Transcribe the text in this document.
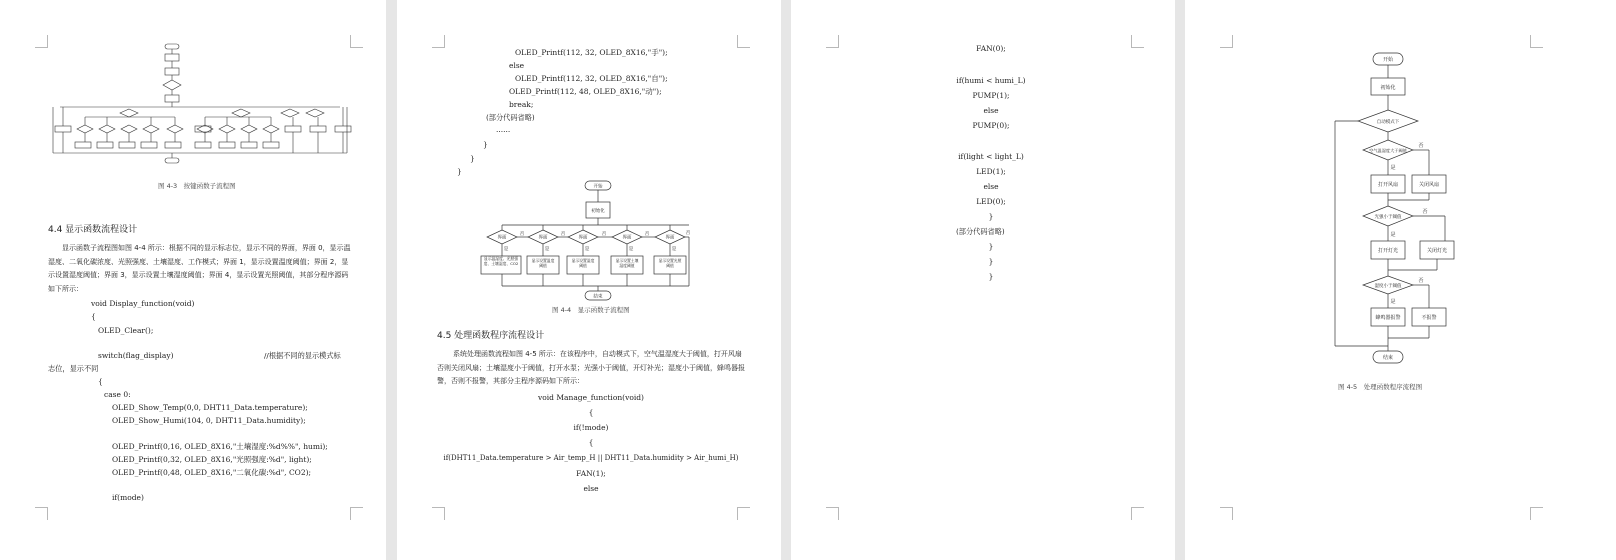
图 4-3　按键函数子流程图
4.4 显示函数流程设计
显示函数子流程图如图 4-4 所示：根据不同的显示标志位，显示不同的界面，界面 0，显示温湿度、二氧化碳浓度、光照强度、土壤湿度、工作模式；界面 1，显示设置温度阈值；界面 2，显示设置湿度阈值；界面 3，显示设置土壤湿度阈值；界面 4，显示设置光照阈值，其部分程序源码如下所示：
void Display_function(void)
{
OLED_Clear();
switch(flag_display)	//根据不同的显示模式标
志位，显示不同
{
case 0:
OLED_Show_Temp(0,0, DHT11_Data.temperature);
OLED_Show_Humi(104, 0, DHT11_Data.humidity);
OLED_Printf(0,16, OLED_8X16,"土壤湿度:%d%%", humi);
OLED_Printf(0,32, OLED_8X16,"光照强度:%d", light);
OLED_Printf(0,48, OLED_8X16,"二氧化碳:%d", CO2);
if(mode)
OLED_Printf(112, 32, OLED_8X16,"手");
else
OLED_Printf(112, 32, OLED_8X16,"自");
OLED_Printf(112, 48, OLED_8X16,"动");
break;
(部分代码省略)
......
}
}
}
开始
初始化
界面	界面	界面	界面	界面
是	是	是	是	是
否	否	否	否	否
结束
显示温湿度、光照强度、土壤湿度、CO2
显示设置温度阈值
显示设置湿度阈值
显示设置土壤湿度阈值
显示设置光照阈值
图 4-4　显示函数子流程图
4.5 处理函数程序流程设计
系统处理函数流程如图 4-5 所示：在该程序中，自动模式下，空气温湿度大于阈值，打开风扇否则关闭风扇；土壤湿度小于阈值，打开水泵；光强小于阈值，开灯补光；湿度小于阈值，蜂鸣器报警，否则不报警，其部分主程序源码如下所示：
void Manage_function(void)
{
if(!mode)
{
if(DHT11_Data.temperature > Air_temp_H || DHT11_Data.humidity > Air_humi_H)
FAN(1);
else
FAN(0);
if(humi < humi_L)
PUMP(1);
else
PUMP(0);
if(light < light_L)
LED(1);
else
LED(0);
}
(部分代码省略)
}
}
}
开始
初始化
自动模式下
空气温湿度大于阈值
是
否
打开风扇	关闭风扇
光强小于阈值
是
否
打开灯光	关闭灯光
湿度小于阈值
是
否
蜂鸣器报警	不报警
结束
图 4-5　处理函数程序流程图
